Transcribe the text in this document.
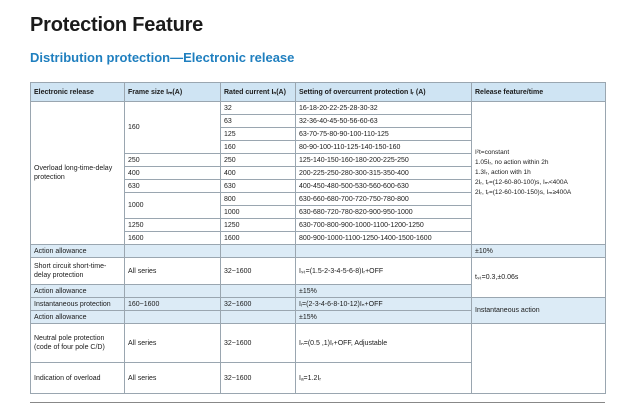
Protection Feature
Distribution protection—Electronic release
Electronic release	Frame size Iₘ(A)	Rated current Iₙ(A)	Setting of overcurrent protection Iᵣ (A)	Release feature/time
Overload long-time-delay protection	160	32	16-18-20-22-25-28-30-32	I²t=constant
1.05Iᵣ, no action within 2h
1.3Iᵣ, action with 1h
2Iᵣ, tᵣ=(12-60-80-100)s, Iₘ<400A
2Iᵣ, tᵣ=(12-60-100-150)s, Iₘ≥400A

		63	32-36-40-45-50-56-60-63	
		125	63-70-75-80-90-100-110-125	
		160	80-90-100-110-125-140-150-160	
	250	250	125-140-150-160-180-200-225-250	
	400	400	200-225-250-280-300-315-350-400	
	630	630	400-450-480-500-530-560-600-630	
	1000	800	630-660-680-700-720-750-780-800	
		1000	630-680-720-780-820-900-950-1000	
	1250	1250	630-700-800-900-1000-1100-1200-1250	
	1600	1600	800-900-1000-1100-1250-1400-1500-1600	
Action allowance				±10%
Short circuit short-time-delay protection	All series	32~1600	Iₛₜ=(1.5-2-3-4-5-6-8)Iᵣ+OFF	tₛₜ=0.3,±0.06s
Action allowance			±15%	
Instantaneous protection	160~1600	32~1600	Iᵢ=(2-3-4-6-8-10-12)Iₙ+OFF	Instantaneous action
Action allowance			±15%	
Neutral pole protection (code of four pole C/D)	All series	32~1600	Iₙ=(0.5 ,1)Iᵣ+OFF, Adjustable	
Indication of overload	All series	32~1600	Iₐ=1.2Iᵣ	
